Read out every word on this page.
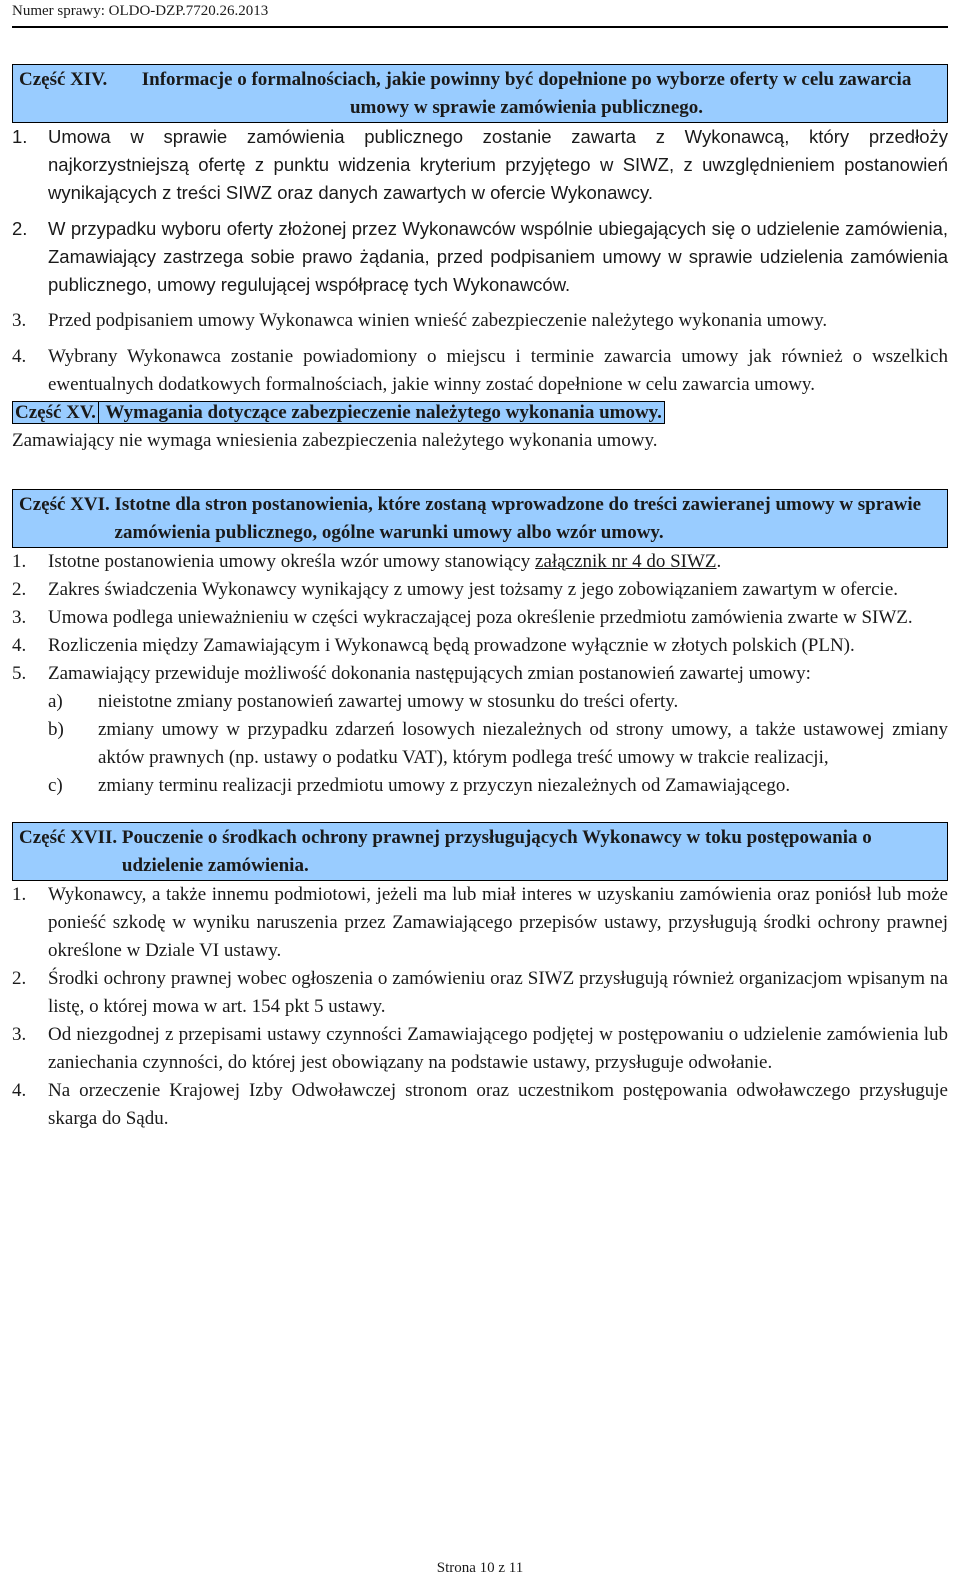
Numer sprawy: OLDO-DZP.7720.26.2013
Część XIV.	Informacje o formalnościach, jakie powinny być dopełnione po wyborze oferty w celu zawarcia umowy w sprawie zamówienia publicznego.
1.	Umowa w sprawie zamówienia publicznego zostanie zawarta z Wykonawcą, który przedłoży najkorzystniejszą ofertę z punktu widzenia kryterium przyjętego w SIWZ, z uwzględnieniem postanowień wynikających z treści SIWZ oraz danych zawartych w ofercie Wykonawcy.
2.	W przypadku wyboru oferty złożonej przez Wykonawców wspólnie ubiegających się o udzielenie zamówienia, Zamawiający zastrzega sobie prawo żądania, przed podpisaniem umowy w sprawie udzielenia zamówienia publicznego, umowy regulującej współpracę tych Wykonawców.
3.	Przed podpisaniem umowy Wykonawca winien wnieść zabezpieczenie należytego wykonania umowy.
4.	Wybrany Wykonawca zostanie powiadomiony o miejscu i terminie zawarcia umowy jak również o wszelkich ewentualnych dodatkowych formalnościach, jakie winny zostać dopełnione w celu zawarcia umowy.
Część XV. Wymagania dotyczące zabezpieczenie należytego wykonania umowy.

Zamawiający nie wymaga wniesienia zabezpieczenia należytego wykonania umowy.

Część XVI. Istotne dla stron postanowienia, które zostaną wprowadzone do treści zawieranej umowy w sprawie zamówienia publicznego, ogólne warunki umowy albo wzór umowy.
1.	Istotne postanowienia umowy określa wzór umowy stanowiący załącznik nr 4 do SIWZ.
2.	Zakres świadczenia Wykonawcy wynikający z umowy jest tożsamy z jego zobowiązaniem zawartym w ofercie.
3.	Umowa podlega unieważnieniu w części wykraczającej poza określenie przedmiotu zamówienia zwarte w SIWZ.
4.	Rozliczenia między Zamawiającym i Wykonawcą będą prowadzone wyłącznie w złotych polskich (PLN).
5.	Zamawiający przewiduje możliwość dokonania następujących zmian postanowień zawartej umowy:
a)	nieistotne zmiany postanowień zawartej umowy w stosunku do treści oferty.
b)	zmiany umowy w przypadku zdarzeń losowych niezależnych od strony umowy, a także ustawowej zmiany aktów prawnych (np. ustawy o podatku VAT), którym podlega treść umowy w trakcie realizacji,
c)	zmiany terminu realizacji przedmiotu umowy z przyczyn niezależnych od Zamawiającego.
Część XVII. Pouczenie o środkach ochrony prawnej przysługujących Wykonawcy w toku postępowania o udzielenie zamówienia.
1.	Wykonawcy, a także innemu podmiotowi, jeżeli ma lub miał interes w uzyskaniu zamówienia oraz poniósł lub może ponieść szkodę w wyniku naruszenia przez Zamawiającego przepisów ustawy, przysługują środki ochrony prawnej określone w Dziale VI ustawy.
2.	Środki ochrony prawnej wobec ogłoszenia o zamówieniu oraz SIWZ przysługują również organizacjom wpisanym na listę, o której mowa w art. 154 pkt 5 ustawy.
3.	Od niezgodnej z przepisami ustawy czynności Zamawiającego podjętej w postępowaniu o udzielenie zamówienia lub zaniechania czynności, do której jest obowiązany na podstawie ustawy, przysługuje odwołanie.
4.	Na orzeczenie Krajowej Izby Odwoławczej stronom oraz uczestnikom postępowania odwoławczego przysługuje skarga do Sądu.
Strona 10 z 11
